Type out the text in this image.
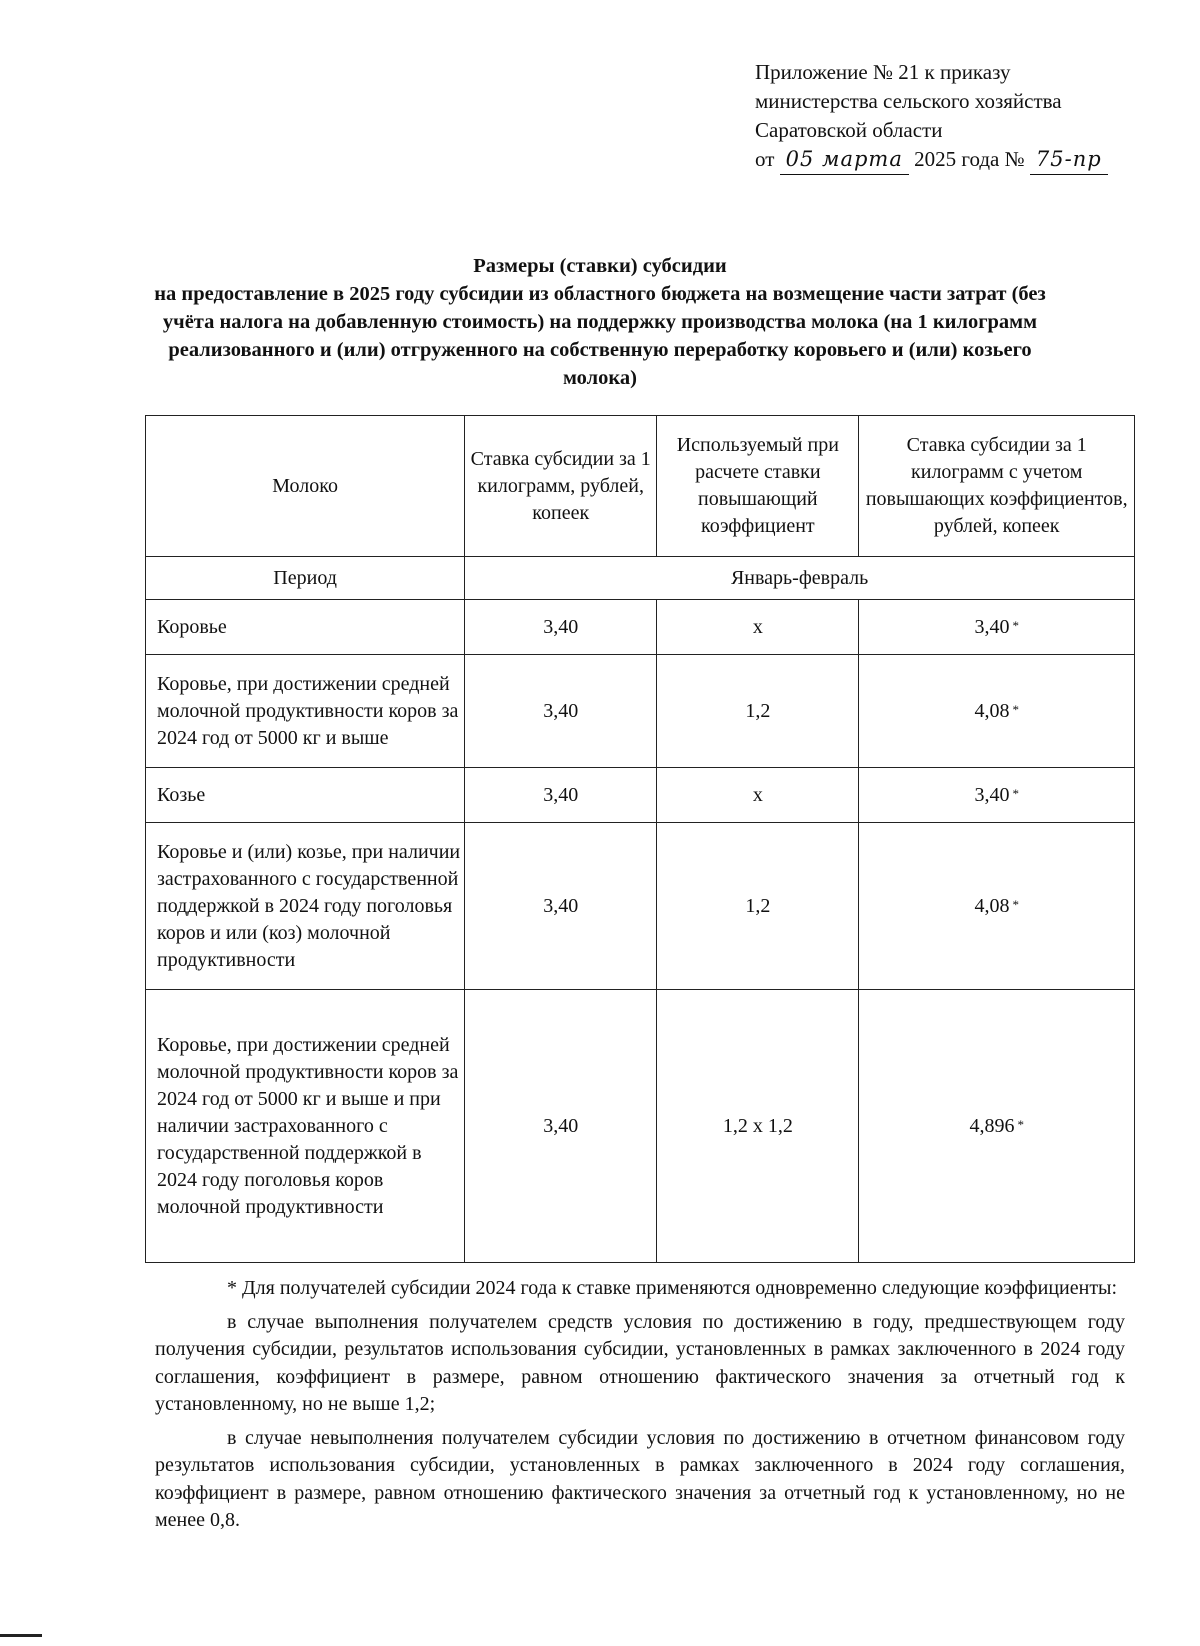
Приложение № 21 к приказу
министерства сельского хозяйства
Саратовской области
от 05 марта 2025 года № 75-пр
Размеры (ставки) субсидии
на предоставление в 2025 году субсидии из областного бюджета на возмещение части затрат (без учёта налога на добавленную стоимость) на поддержку производства молока (на 1 килограмм реализованного и (или) отгруженного на собственную переработку коровьего и (или) козьего молока)
Молоко	Ставка субсидии за 1 килограмм, рублей, копеек	Используемый при расчете ставки повышающий коэффициент	Ставка субсидии за 1 килограмм с учетом повышающих коэффициентов, рублей, копеек
Период	Январь-февраль		
Коровье	3,40	х	3,40 *
Коровье, при достижении средней молочной продуктивности коров за 2024 год от 5000 кг и выше	3,40	1,2	4,08 *
Козье	3,40	х	3,40 *
Коровье и (или) козье, при наличии застрахованного с государственной поддержкой в 2024 году поголовья коров и или (коз) молочной продуктивности	3,40	1,2	4,08 *
Коровье, при достижении средней молочной продуктивности коров за 2024 год от 5000 кг и выше и при наличии застрахованного с государственной поддержкой в 2024 году поголовья коров молочной продуктивности	3,40	1,2 х 1,2	4,896 *

* Для получателей субсидии 2024 года к ставке применяются одновременно следующие коэффициенты:

в случае выполнения получателем средств условия по достижению в году, предшествующем году получения субсидии, результатов использования субсидии, установленных в рамках заключенного в 2024 году соглашения, коэффициент в размере, равном отношению фактического значения за отчетный год к установленному, но не выше 1,2;

в случае невыполнения получателем субсидии условия по достижению в отчетном финансовом году результатов использования субсидии, установленных в рамках заключенного в 2024 году соглашения, коэффициент в размере, равном отношению фактического значения за отчетный год к установленному, но не менее 0,8.
